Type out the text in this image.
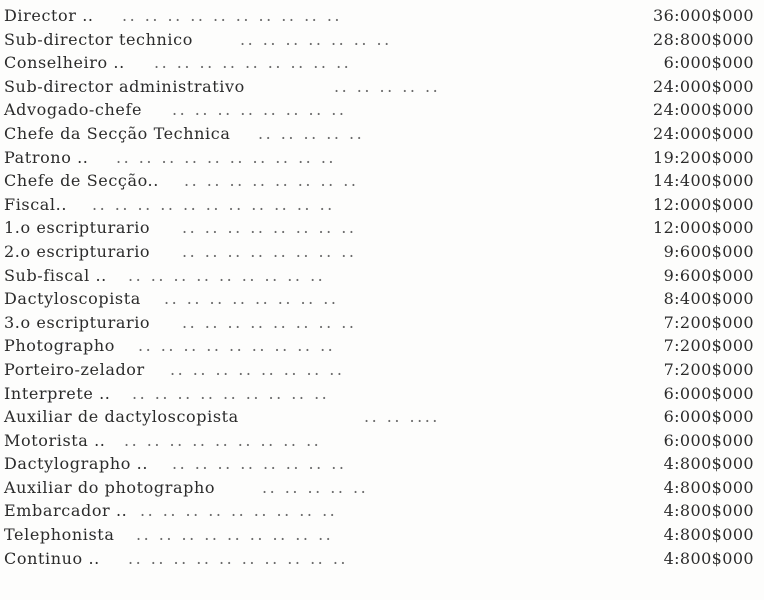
Director .. .. .. .. .. .. .. .. .. .. ..	36:000$000
Sub-director technico	.. .. .. .. .. .. ..	28:800$000
Conselheiro .. .. .. .. .. .. .. .. .. ..	6:000$000
Sub-director administrativo	.. .. .. .. ..	24:000$000
Advogado-chefe .. .. .. .. .. .. .. ..	24:000$000
Chefe da Secção Technica .. .. .. .. ..	24:000$000
Patrono .. .. .. .. .. .. .. .. .. .. ..	19:200$000
Chefe de Secção.. .. .. .. .. .. .. .. ..	14:400$000
Fiscal.. .. .. .. .. .. .. .. .. .. .. ..	12:000$000
1.o escripturario .. .. .. .. .. .. .. ..	12:000$000
2.o escripturario .. .. .. .. .. .. .. ..	9:600$000
Sub-fiscal .. .. .. .. .. .. .. .. .. ..	9:600$000
Dactyloscopista .. .. .. .. .. .. .. ..	8:400$000
3.o escripturario .. .. .. .. .. .. .. ..	7:200$000
Photographo .. .. .. .. .. .. .. .. ..	7:200$000
Porteiro-zelador .. .. .. .. .. .. .. ..	7:200$000
Interprete .. .. .. .. .. .. .. .. .. ..	6:000$000
Auxiliar de dactyloscopista	.. .. ....	6:000$000
Motorista .. .. .. .. .. .. .. .. .. ..	6:000$000
Dactylographo .. .. .. .. .. .. .. .. ..	4:800$000
Auxiliar do photographo	.. .. .. .. ..	4:800$000
Embarcador .. .. .. .. .. .. .. .. .. ..	4:800$000
Telephonista .. .. .. .. .. .. .. .. ..	4:800$000
Continuo .. .. .. .. .. .. .. .. .. .. ..	4:800$000
